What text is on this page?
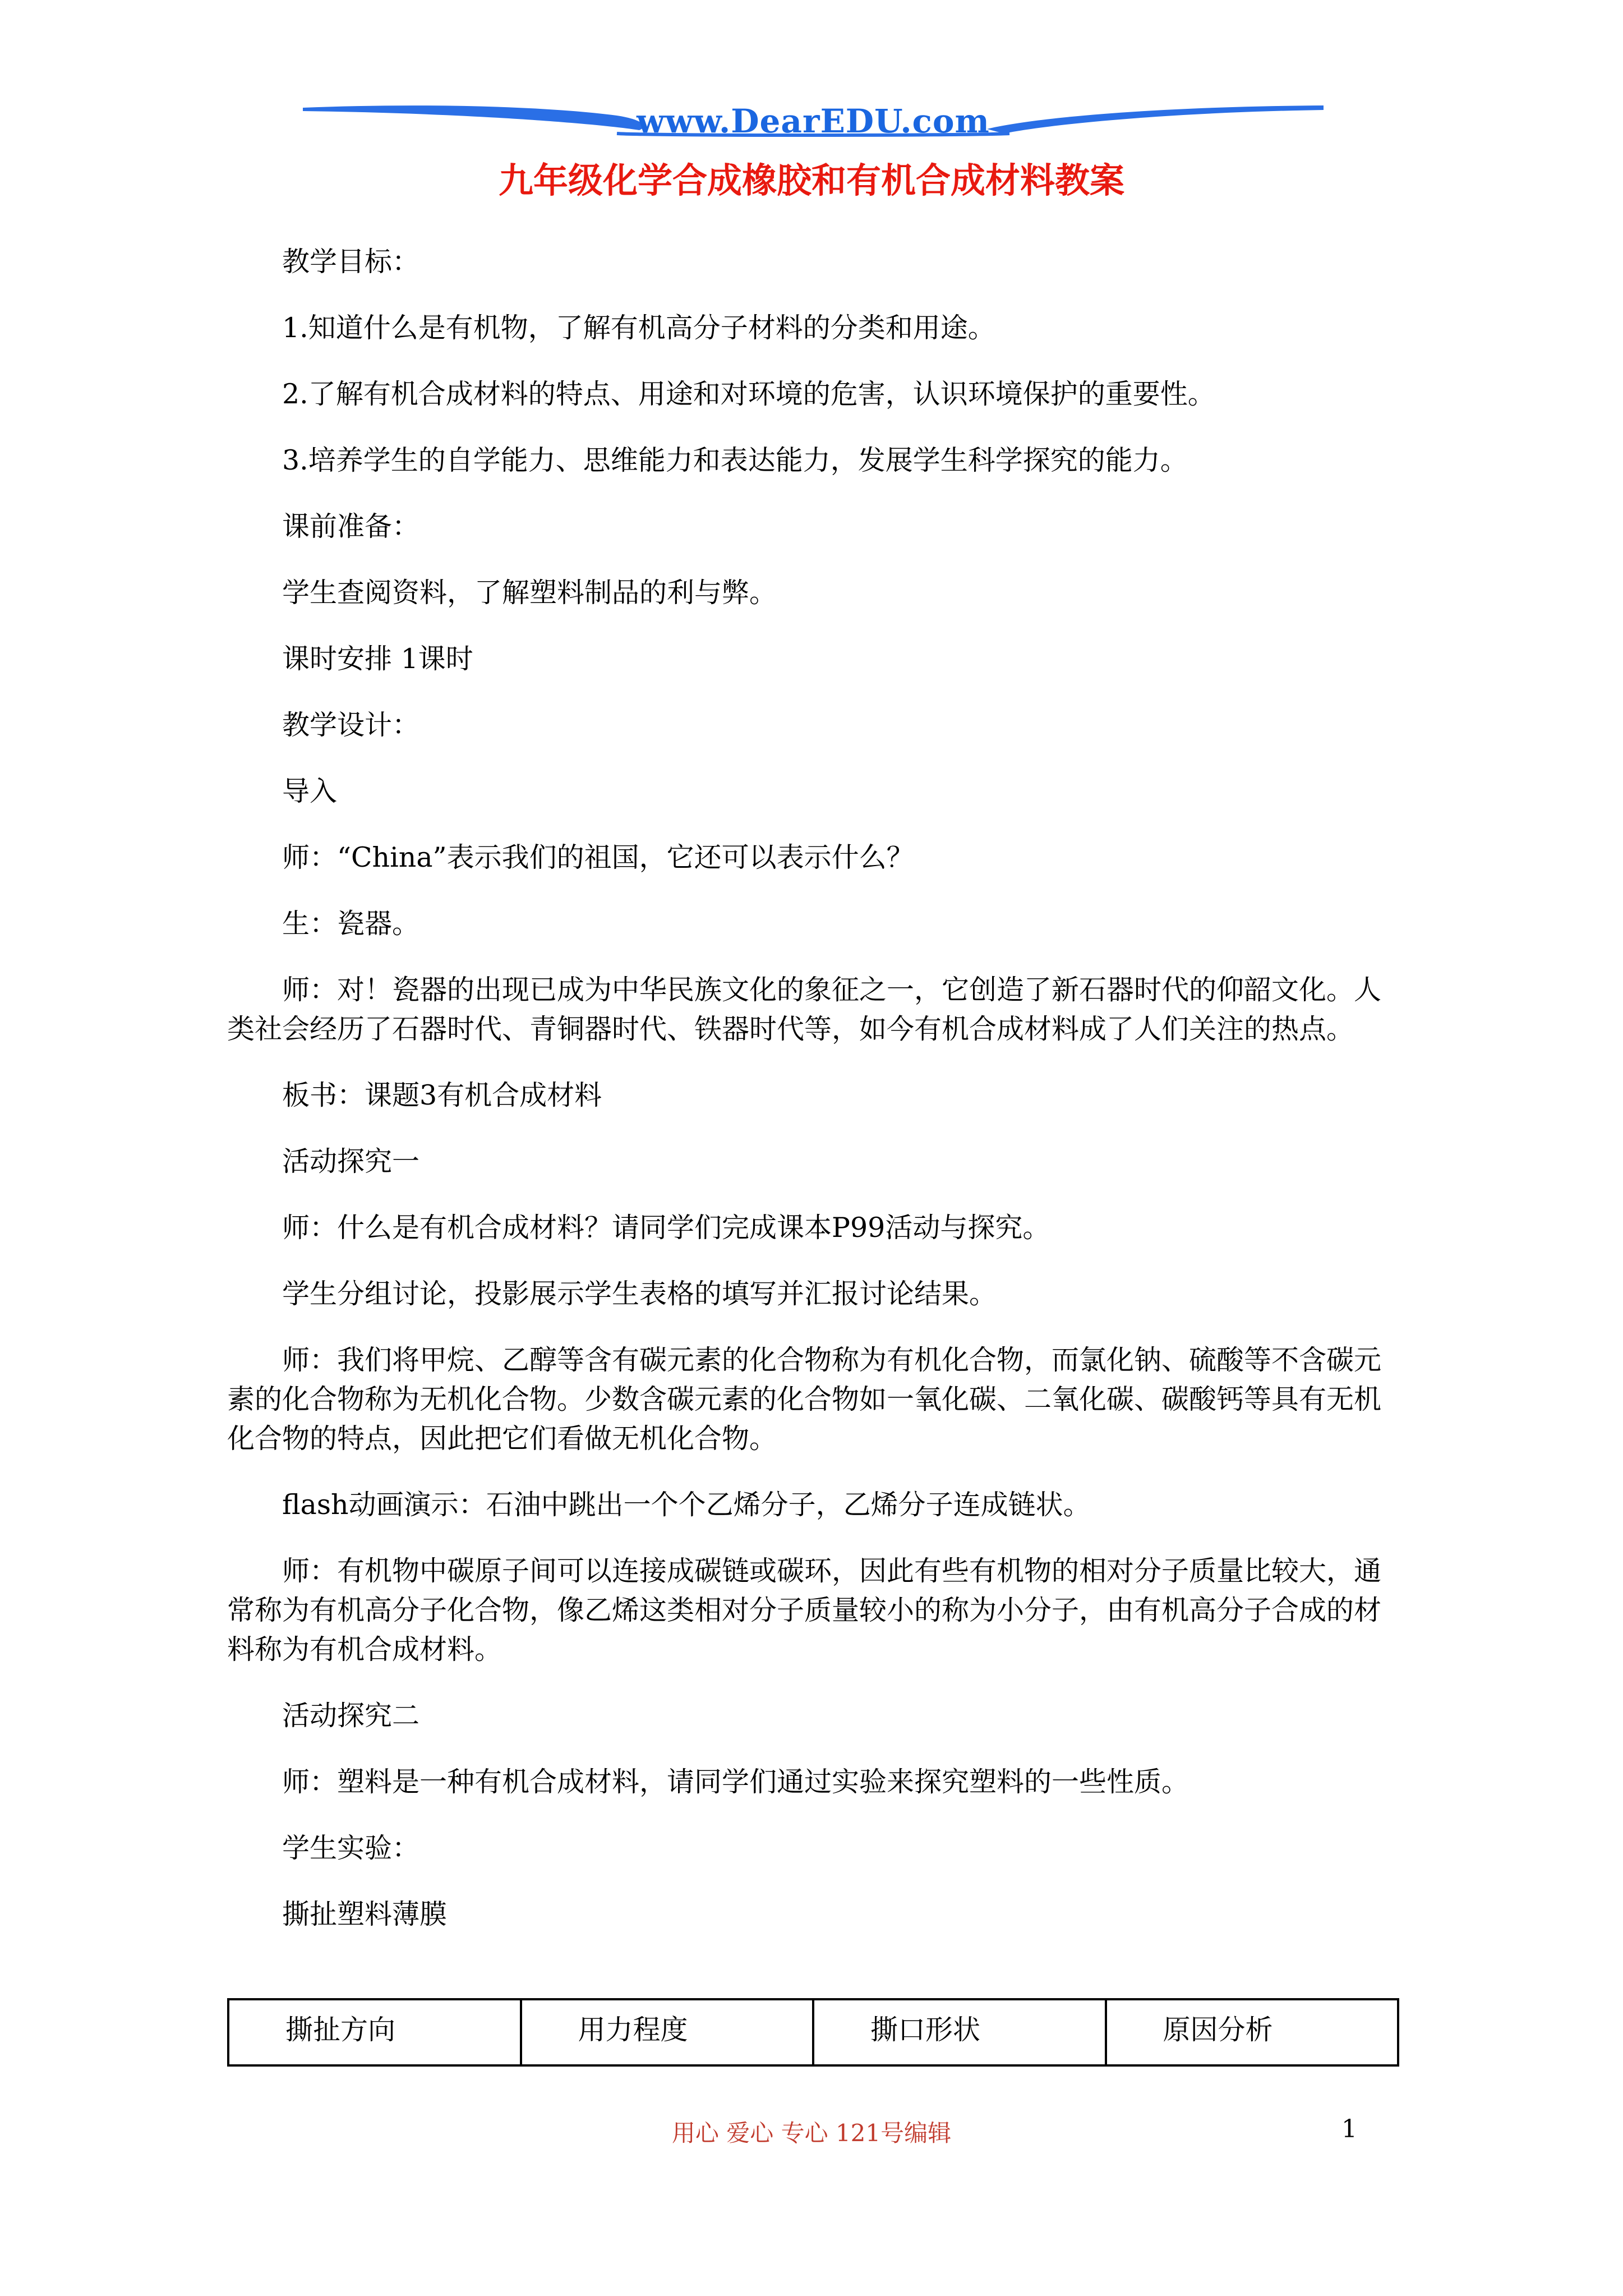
www.DearEDU.com
九年级化学合成橡胶和有机合成材料教案

教学目标：

1.知道什么是有机物，了解有机高分子材料的分类和用途。

2.了解有机合成材料的特点、用途和对环境的危害，认识环境保护的重要性。

3.培养学生的自学能力、思维能力和表达能力，发展学生科学探究的能力。

课前准备：

学生查阅资料，了解塑料制品的利与弊。

课时安排 1课时

教学设计：

导入

师：“China”表示我们的祖国，它还可以表示什么？

生：瓷器。

师：对！瓷器的出现已成为中华民族文化的象征之一，它创造了新石器时代的仰韶文化。人类社会经历了石器时代、青铜器时代、铁器时代等，如今有机合成材料成了人们关注的热点。

板书：课题3有机合成材料

活动探究一

师：什么是有机合成材料？请同学们完成课本P99活动与探究。

学生分组讨论，投影展示学生表格的填写并汇报讨论结果。

师：我们将甲烷、乙醇等含有碳元素的化合物称为有机化合物，而氯化钠、硫酸等不含碳元素的化合物称为无机化合物。少数含碳元素的化合物如一氧化碳、二氧化碳、碳酸钙等具有无机化合物的特点，因此把它们看做无机化合物。

flash动画演示：石油中跳出一个个乙烯分子，乙烯分子连成链状。

师：有机物中碳原子间可以连接成碳链或碳环，因此有些有机物的相对分子质量比较大，通常称为有机高分子化合物，像乙烯这类相对分子质量较小的称为小分子，由有机高分子合成的材料称为有机合成材料。

活动探究二

师：塑料是一种有机合成材料，请同学们通过实验来探究塑料的一些性质。

学生实验：

撕扯塑料薄膜

撕扯方向	用力程度	撕口形状	原因分析
用心 爱心 专心 121号编辑	1
